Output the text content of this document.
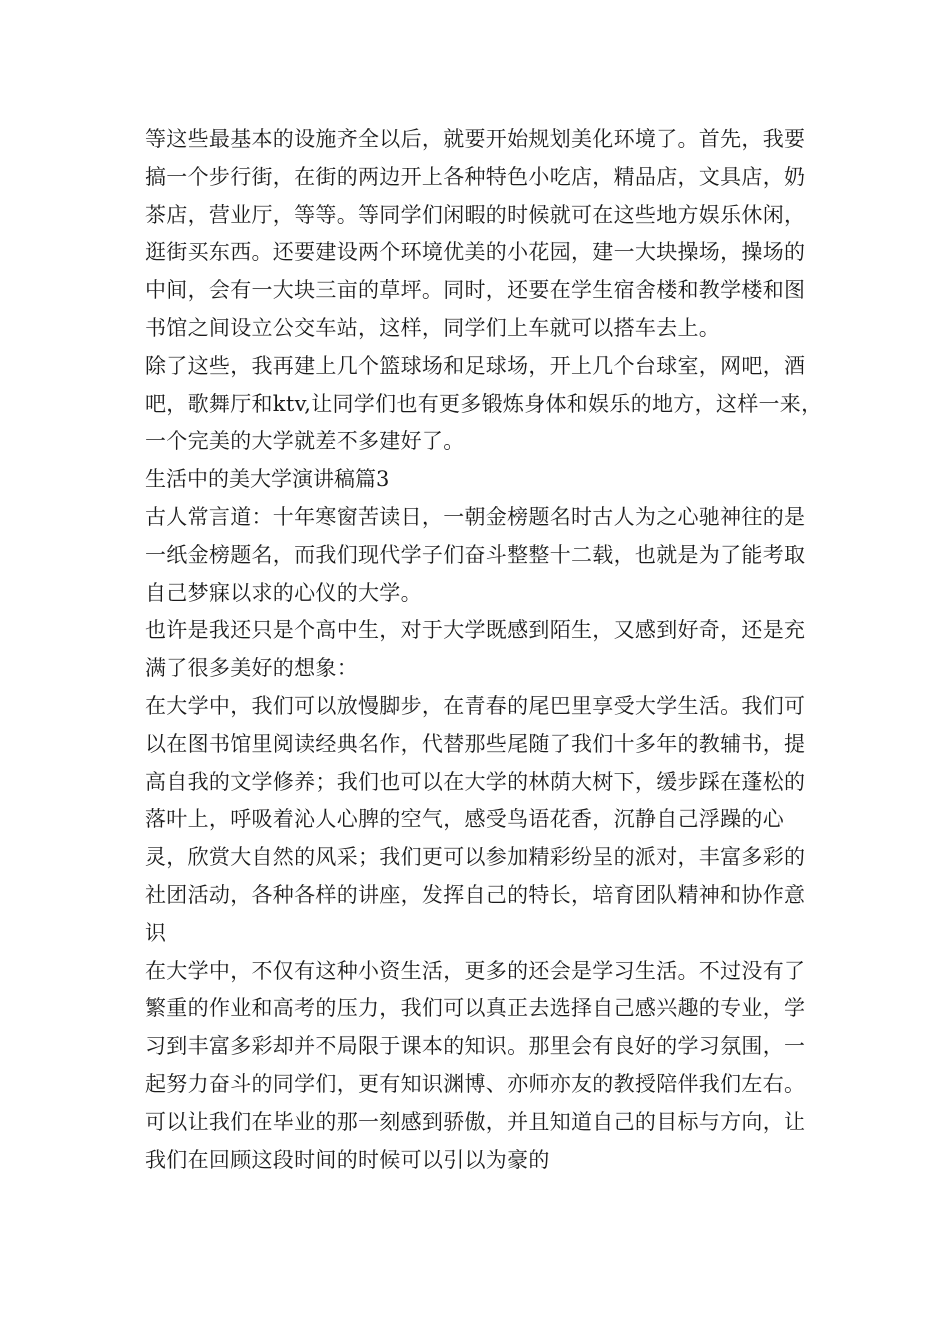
等这些最基本的设施齐全以后，就要开始规划美化环境了。首先，我要搞一个步行街，在街的两边开上各种特色小吃店，精品店，文具店，奶茶店，营业厅，等等。等同学们闲暇的时候就可在这些地方娱乐休闲，逛街买东西。还要建设两个环境优美的小花园，建一大块操场，操场的中间，会有一大块三亩的草坪。同时，还要在学生宿舍楼和教学楼和图书馆之间设立公交车站，这样，同学们上车就可以搭车去上。

除了这些，我再建上几个篮球场和足球场，开上几个台球室，网吧，酒吧，歌舞厅和ktv,让同学们也有更多锻炼身体和娱乐的地方，这样一来，一个完美的大学就差不多建好了。

生活中的美大学演讲稿篇3

古人常言道：十年寒窗苦读日，一朝金榜题名时古人为之心驰神往的是一纸金榜题名，而我们现代学子们奋斗整整十二载，也就是为了能考取自己梦寐以求的心仪的大学。

也许是我还只是个高中生，对于大学既感到陌生，又感到好奇，还是充满了很多美好的想象：

在大学中，我们可以放慢脚步，在青春的尾巴里享受大学生活。我们可以在图书馆里阅读经典名作，代替那些尾随了我们十多年的教辅书，提高自我的文学修养；我们也可以在大学的林荫大树下，缓步踩在蓬松的落叶上，呼吸着沁人心脾的空气，感受鸟语花香，沉静自己浮躁的心灵，欣赏大自然的风采；我们更可以参加精彩纷呈的派对，丰富多彩的社团活动，各种各样的讲座，发挥自己的特长，培育团队精神和协作意识

在大学中，不仅有这种小资生活，更多的还会是学习生活。不过没有了繁重的作业和高考的压力，我们可以真正去选择自己感兴趣的专业，学习到丰富多彩却并不局限于课本的知识。那里会有良好的学习氛围，一起努力奋斗的同学们，更有知识渊博、亦师亦友的教授陪伴我们左右。可以让我们在毕业的那一刻感到骄傲，并且知道自己的目标与方向，让我们在回顾这段时间的时候可以引以为豪的
